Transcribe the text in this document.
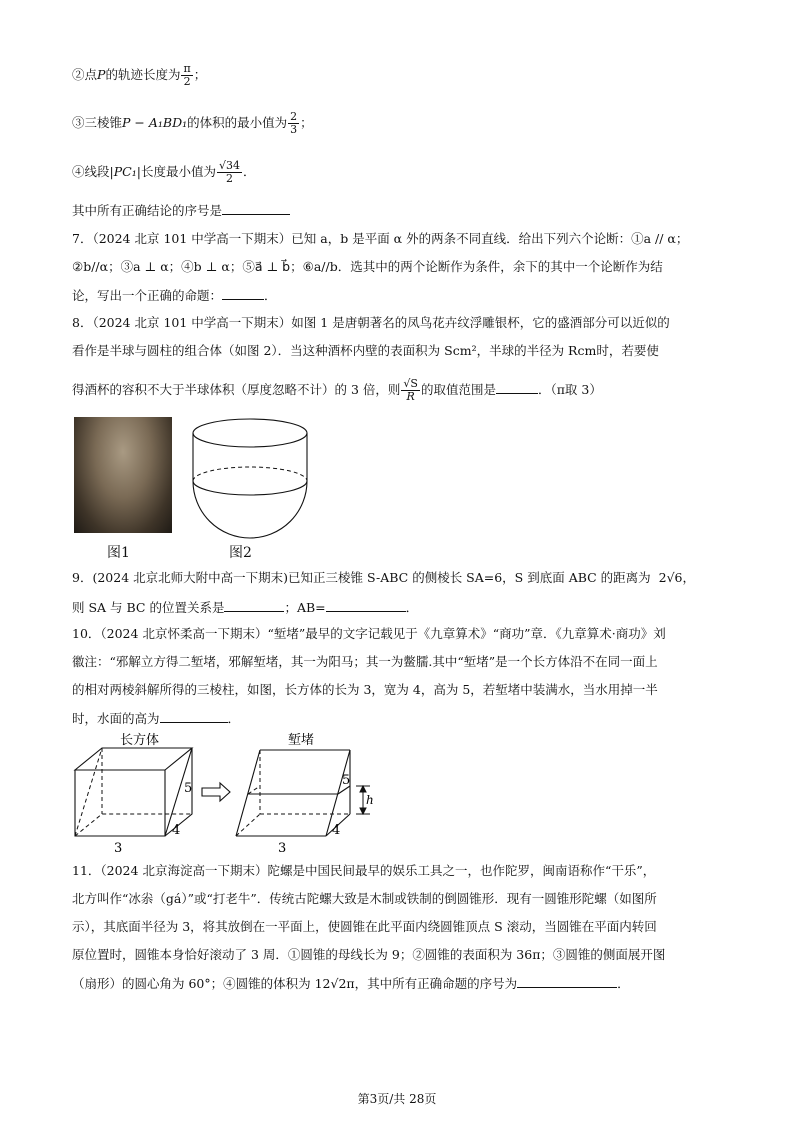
②点P的轨迹长度为 $\frac{\pi}{2}$ ；
③三棱锥P − A₁BD₁的体积的最小值为 $\frac{2}{3}$ ；
④线段|PC₁|长度最小值为 $\frac{√34}{2}$ ．
其中所有正确结论的序号是
7．（2024 北京 101 中学高一下期末）已知 a，b 是平面 α 外的两条不同直线．给出下列六个论断：①a // α；
②b//α；③a ⊥ α；④b ⊥ α；⑤a⃗ ⊥ b⃗；⑥a//b．选其中的两个论断作为条件，余下的其中一个论断作为结
论，写出一个正确的命题：	．
8．（2024 北京 101 中学高一下期末）如图 1 是唐朝著名的凤鸟花卉纹浮雕银杯，它的盛酒部分可以近似的
看作是半球与圆柱的组合体（如图 2）．当这种酒杯内壁的表面积为 Scm²，半球的半径为 Rcm时，若要使
得酒杯的容积不大于半球体积（厚度忽略不计）的 3 倍，则 $\frac{√S}{R}$ 的取值范围是	．（π取 3）
图1	图2
9．(2024 北京北师大附中高一下期末)已知正三棱锥 S-ABC 的侧棱长 SA=6，S 到底面 ABC 的距离为 2√6，
则 SA 与 BC 的位置关系是	；AB=	．
10．（2024 北京怀柔高一下期末）“堑堵”最早的文字记载见于《九章算术》“商功”章．《九章算术·商功》刘
徽注：“邪解立方得二堑堵，邪解堑堵，其一为阳马；其一为鳖臑.其中“堑堵”是一个长方体沿不在同一面上
的相对两棱斜解所得的三棱柱，如图，长方体的长为 3，宽为 4，高为 5，若堑堵中装满水，当水用掉一半
时，水面的高为	．
长方体
5
4
3
堑堵
h
5
4
3
11．（2024 北京海淀高一下期末）陀螺是中国民间最早的娱乐工具之一，也作陀罗，闽南语称作“干乐”，
北方叫作“冰尜（gá）”或“打老牛”．传统古陀螺大致是木制或铁制的倒圆锥形．现有一圆锥形陀螺（如图所
示），其底面半径为 3，将其放倒在一平面上，使圆锥在此平面内绕圆锥顶点 S 滚动，当圆锥在平面内转回
原位置时，圆锥本身恰好滚动了 3 周．①圆锥的母线长为 9；②圆锥的表面积为 36π；③圆锥的侧面展开图
（扇形）的圆心角为 60°；④圆锥的体积为 12√2π，其中所有正确命题的序号为	．
第3页/共 28页
